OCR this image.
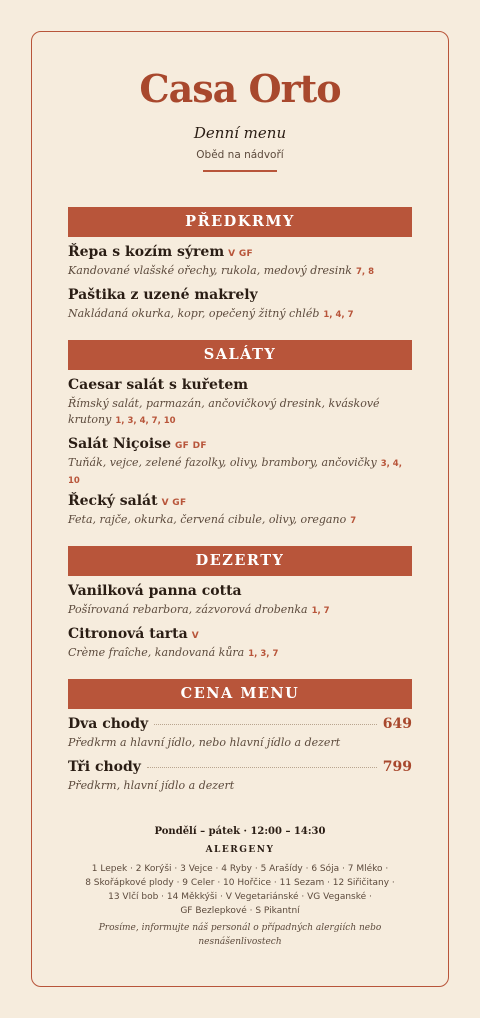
Casa Orto
Denní menu
Oběd na nádvoří
PŘEDKRMY
Řepa s kozím sýrem V GF
Kandované vlašské ořechy, rukola, medový dresink 7, 8
Paštika z uzené makrely
Nakládaná okurka, kopr, opečený žitný chléb 1, 4, 7
SALÁTY
Caesar salát s kuřetem
Římský salát, parmazán, ančovičkový dresink, kváskové krutony 1, 3, 4, 7, 10
Salát Niçoise GF DF
Tuňák, vejce, zelené fazolky, olivy, brambory, ančovičky 3, 4, 10
Řecký salát V GF
Feta, rajče, okurka, červená cibule, olivy, oregano 7
DEZERTY
Vanilková panna cotta
Pošírovaná rebarbora, zázvorová drobenka 1, 7
Citronová tarta V
Crème fraîche, kandovaná kůra 1, 3, 7
CENA MENU
Dva chody	649
Předkrm a hlavní jídlo, nebo hlavní jídlo a dezert
Tři chody	799
Předkrm, hlavní jídlo a dezert
Pondělí – pátek · 12:00 – 14:30
ALERGENY
1 Lepek · 2 Korýši · 3 Vejce · 4 Ryby · 5 Arašídy · 6 Sója · 7 Mléko ·
8 Skořápkové plody · 9 Celer · 10 Hořčice · 11 Sezam · 12 Siřičitany ·
13 Vlčí bob · 14 Měkkýši · V Vegetariánské · VG Veganské ·
GF Bezlepkové · S Pikantní
Prosíme, informujte náš personál o případných alergiích nebo nesnášenlivostech
